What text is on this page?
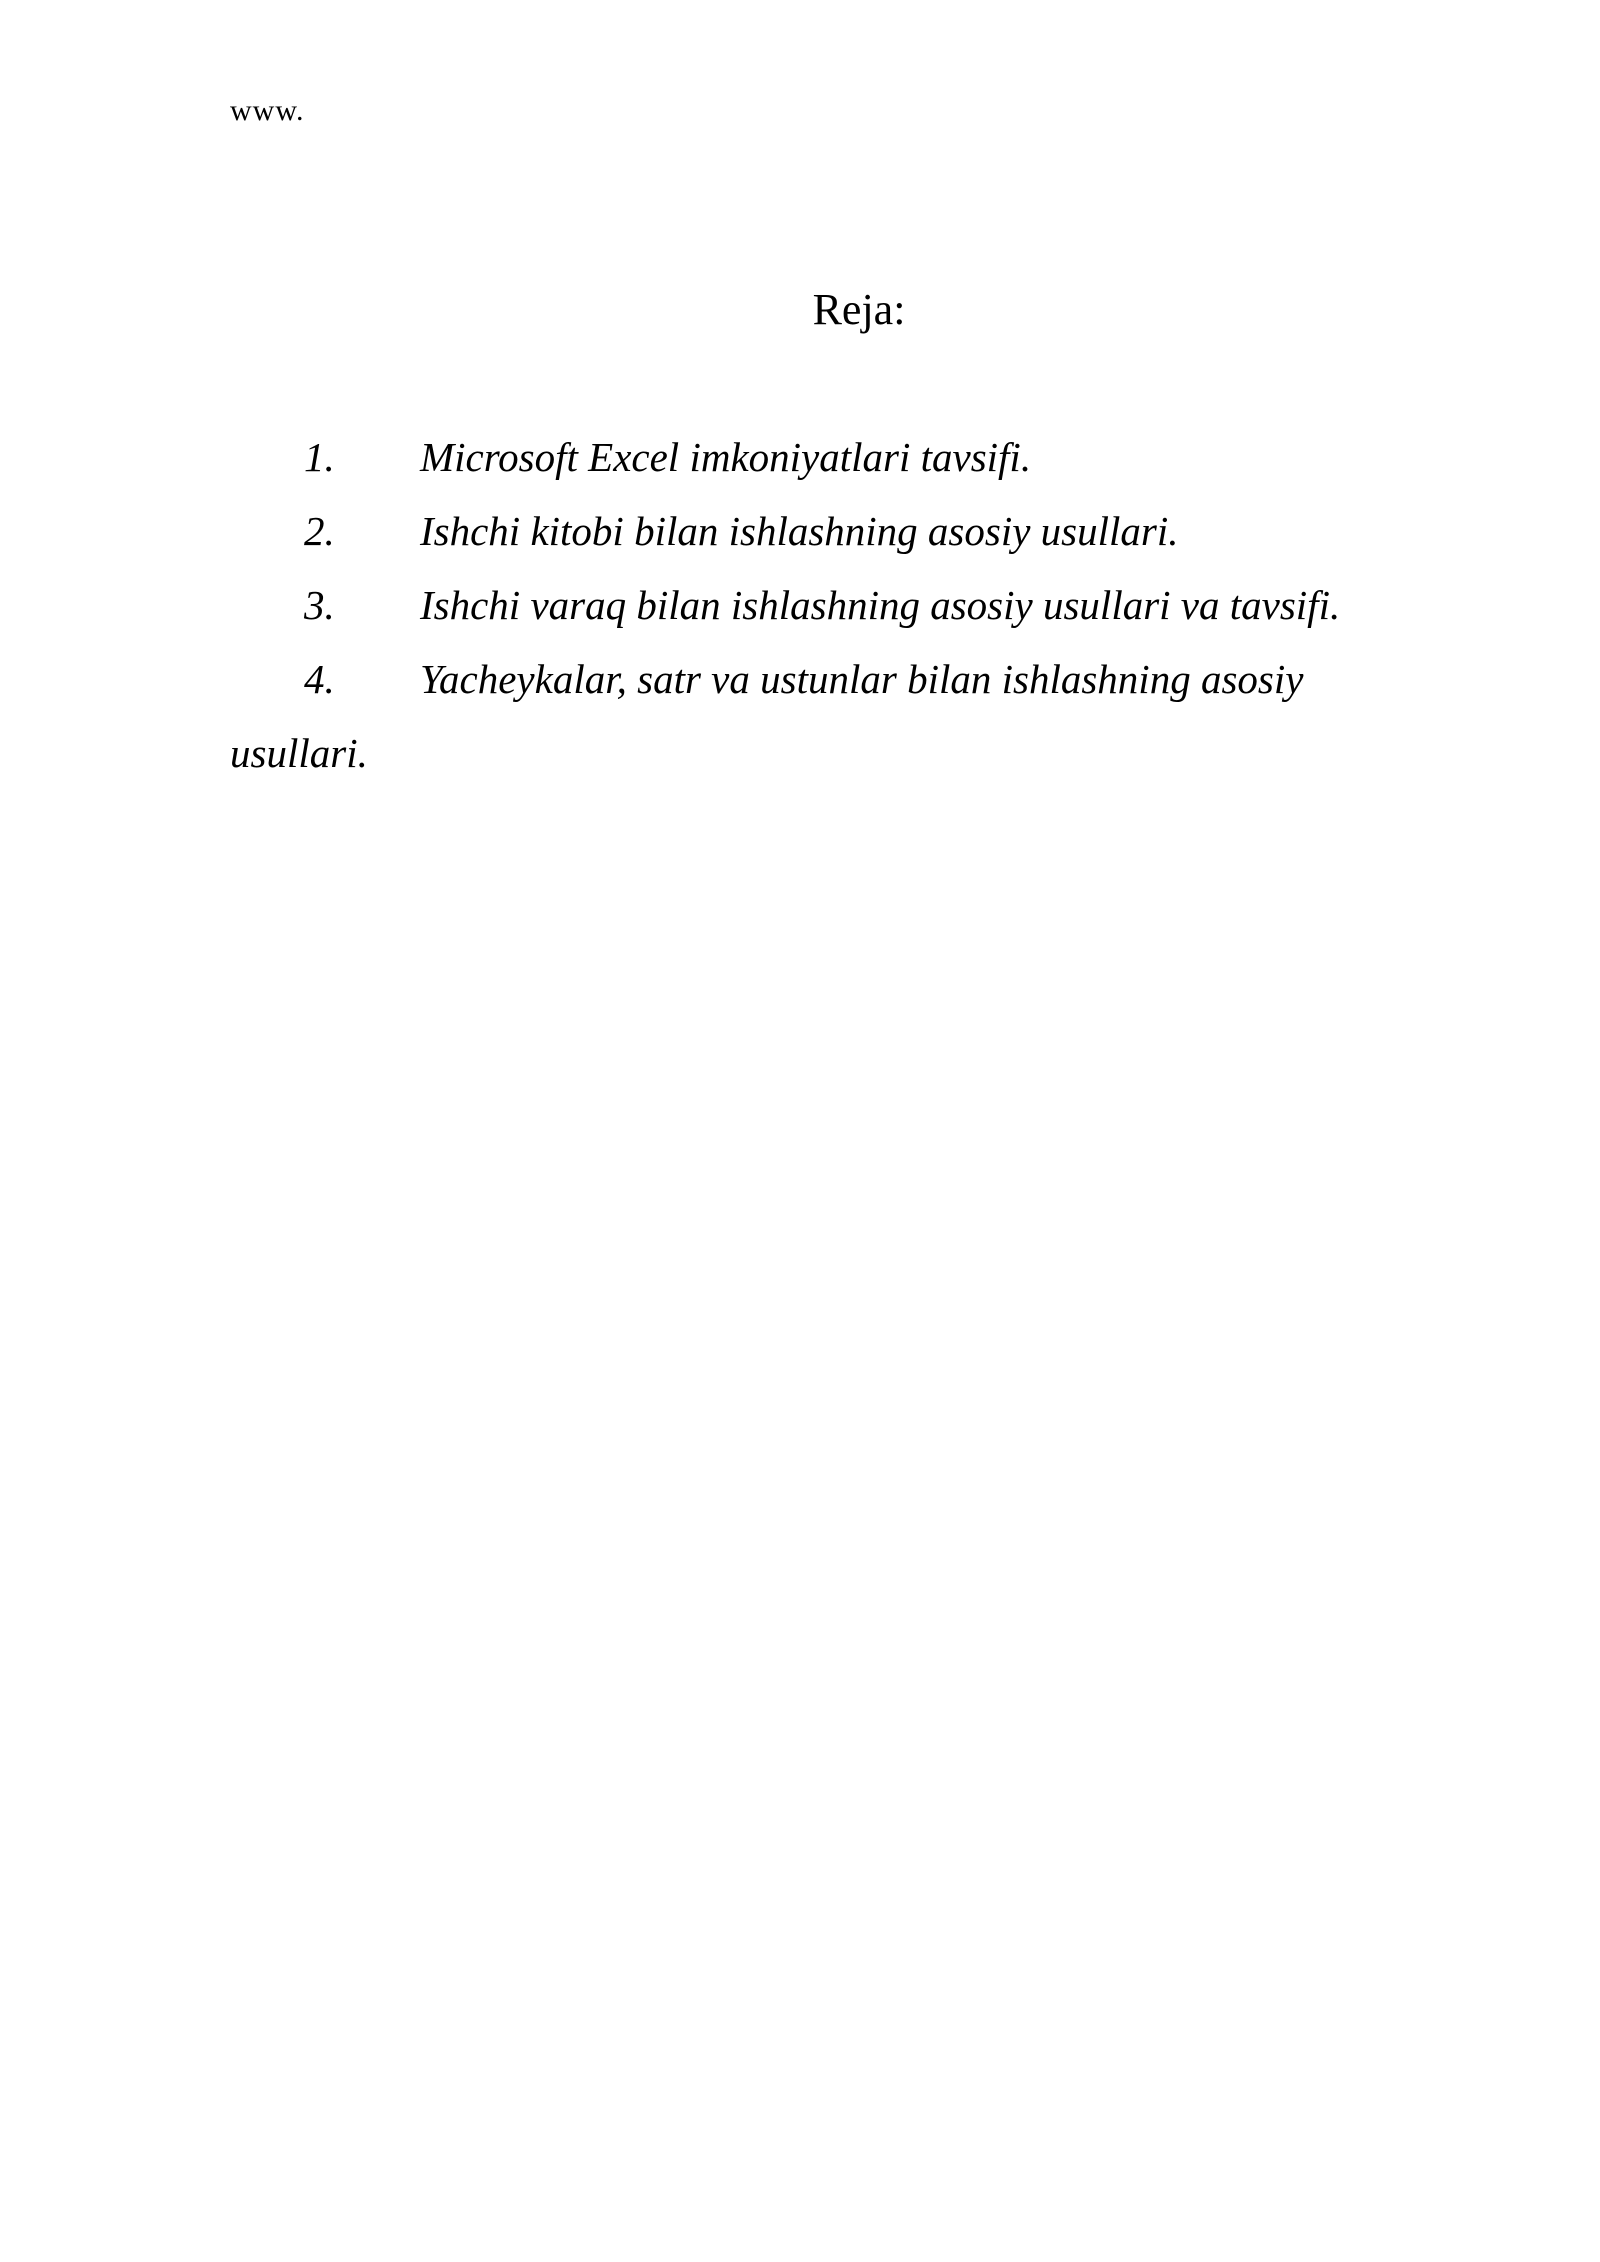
www.
Reja:
1. Microsoft Excel imkoniyatlari tavsifi.
2. Ishchi kitobi bilan ishlashning asosiy usullari.
3. Ishchi varaq bilan ishlashning asosiy usullari va tavsifi.
4. Yacheykalar, satr va ustunlar bilan ishlashning asosiy usullari.
